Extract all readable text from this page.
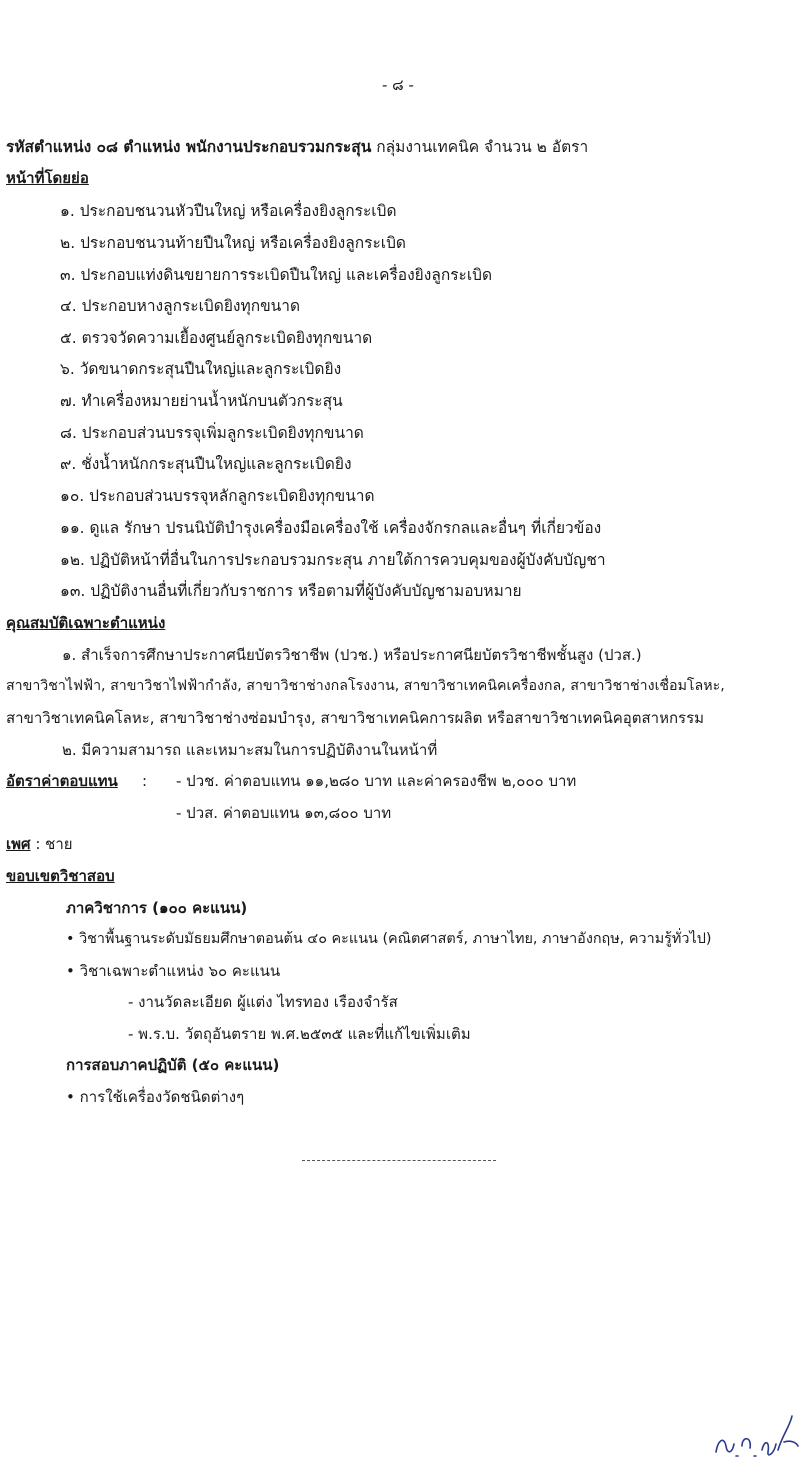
- ๘ -
รหัสตำแหน่ง ๐๘ ตำแหน่ง พนักงานประกอบรวมกระสุน กลุ่มงานเทคนิค จำนวน ๒ อัตรา
หน้าที่โดยย่อ
๑. ประกอบชนวนหัวปืนใหญ่ หรือเครื่องยิงลูกระเบิด
๒. ประกอบชนวนท้ายปืนใหญ่ หรือเครื่องยิงลูกระเบิด
๓. ประกอบแท่งดินขยายการระเบิดปืนใหญ่ และเครื่องยิงลูกระเบิด
๔. ประกอบหางลูกระเบิดยิงทุกขนาด
๕. ตรวจวัดความเยื้องศูนย์ลูกระเบิดยิงทุกขนาด
๖. วัดขนาดกระสุนปืนใหญ่และลูกระเบิดยิง
๗. ทำเครื่องหมายย่านน้ำหนักบนตัวกระสุน
๘. ประกอบส่วนบรรจุเพิ่มลูกระเบิดยิงทุกขนาด
๙. ชั่งน้ำหนักกระสุนปืนใหญ่และลูกระเบิดยิง
๑๐. ประกอบส่วนบรรจุหลักลูกระเบิดยิงทุกขนาด
๑๑. ดูแล รักษา ปรนนิบัติบำรุงเครื่องมือเครื่องใช้ เครื่องจักรกลและอื่นๆ ที่เกี่ยวข้อง
๑๒. ปฏิบัติหน้าที่อื่นในการประกอบรวมกระสุน ภายใต้การควบคุมของผู้บังคับบัญชา
๑๓. ปฏิบัติงานอื่นที่เกี่ยวกับราชการ หรือตามที่ผู้บังคับบัญชามอบหมาย
คุณสมบัติเฉพาะตำแหน่ง
๑. สำเร็จการศึกษาประกาศนียบัตรวิชาชีพ (ปวช.) หรือประกาศนียบัตรวิชาชีพชั้นสูง (ปวส.)
สาขาวิชาไฟฟ้า, สาขาวิชาไฟฟ้ากำลัง, สาขาวิชาช่างกลโรงงาน, สาขาวิชาเทคนิคเครื่องกล, สาขาวิชาช่างเชื่อมโลหะ,
สาขาวิชาเทคนิคโลหะ, สาขาวิชาช่างซ่อมบำรุง, สาขาวิชาเทคนิคการผลิต หรือสาขาวิชาเทคนิคอุตสาหกรรม
๒. มีความสามารถ และเหมาะสมในการปฏิบัติงานในหน้าที่
อัตราค่าตอบแทน : - ปวช. ค่าตอบแทน ๑๑,๒๘๐ บาท และค่าครองชีพ ๒,๐๐๐ บาท
- ปวส. ค่าตอบแทน ๑๓,๘๐๐ บาท
เพศ : ชาย
ขอบเขตวิชาสอบ
ภาควิชาการ (๑๐๐ คะแนน)
• วิชาพื้นฐานระดับมัธยมศึกษาตอนต้น ๔๐ คะแนน (คณิตศาสตร์, ภาษาไทย, ภาษาอังกฤษ, ความรู้ทั่วไป)
• วิชาเฉพาะตำแหน่ง ๖๐ คะแนน
- งานวัดละเอียด ผู้แต่ง ไทรทอง เรืองจำรัส
- พ.ร.บ. วัตถุอันตราย พ.ศ.๒๕๓๕ และที่แก้ไขเพิ่มเติม
การสอบภาคปฏิบัติ (๕๐ คะแนน)
• การใช้เครื่องวัดชนิดต่างๆ
